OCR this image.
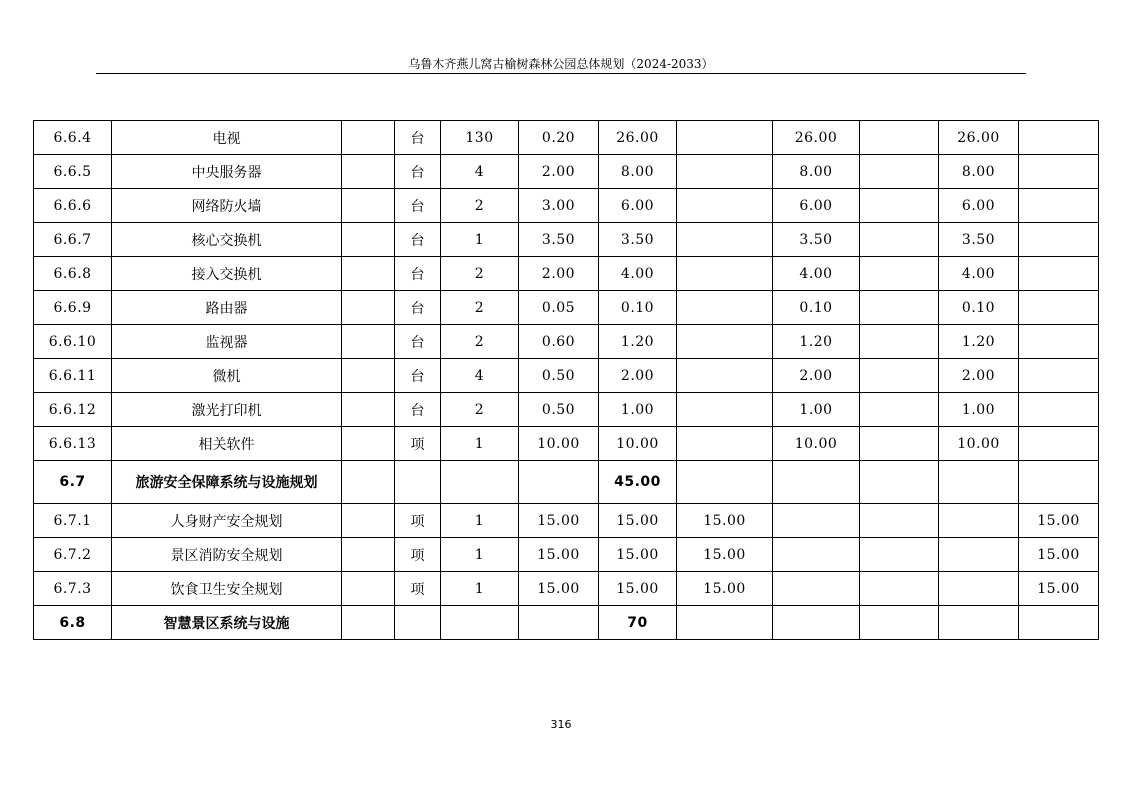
乌鲁木齐燕儿窝古榆树森林公园总体规划（2024-2033）
6.6.4	电视		台	130	0.20	26.00		26.00		26.00	
6.6.5	中央服务器		台	4	2.00	8.00		8.00		8.00	
6.6.6	网络防火墙		台	2	3.00	6.00		6.00		6.00	
6.6.7	核心交换机		台	1	3.50	3.50		3.50		3.50	
6.6.8	接入交换机		台	2	2.00	4.00		4.00		4.00	
6.6.9	路由器		台	2	0.05	0.10		0.10		0.10	
6.6.10	监视器		台	2	0.60	1.20		1.20		1.20	
6.6.11	微机		台	4	0.50	2.00		2.00		2.00	
6.6.12	激光打印机		台	2	0.50	1.00		1.00		1.00	
6.6.13	相关软件		项	1	10.00	10.00		10.00		10.00	
6.7	旅游安全保障系统与设施规划					45.00					
6.7.1	人身财产安全规划		项	1	15.00	15.00	15.00				15.00
6.7.2	景区消防安全规划		项	1	15.00	15.00	15.00				15.00
6.7.3	饮食卫生安全规划		项	1	15.00	15.00	15.00				15.00
6.8	智慧景区系统与设施					70					
316
